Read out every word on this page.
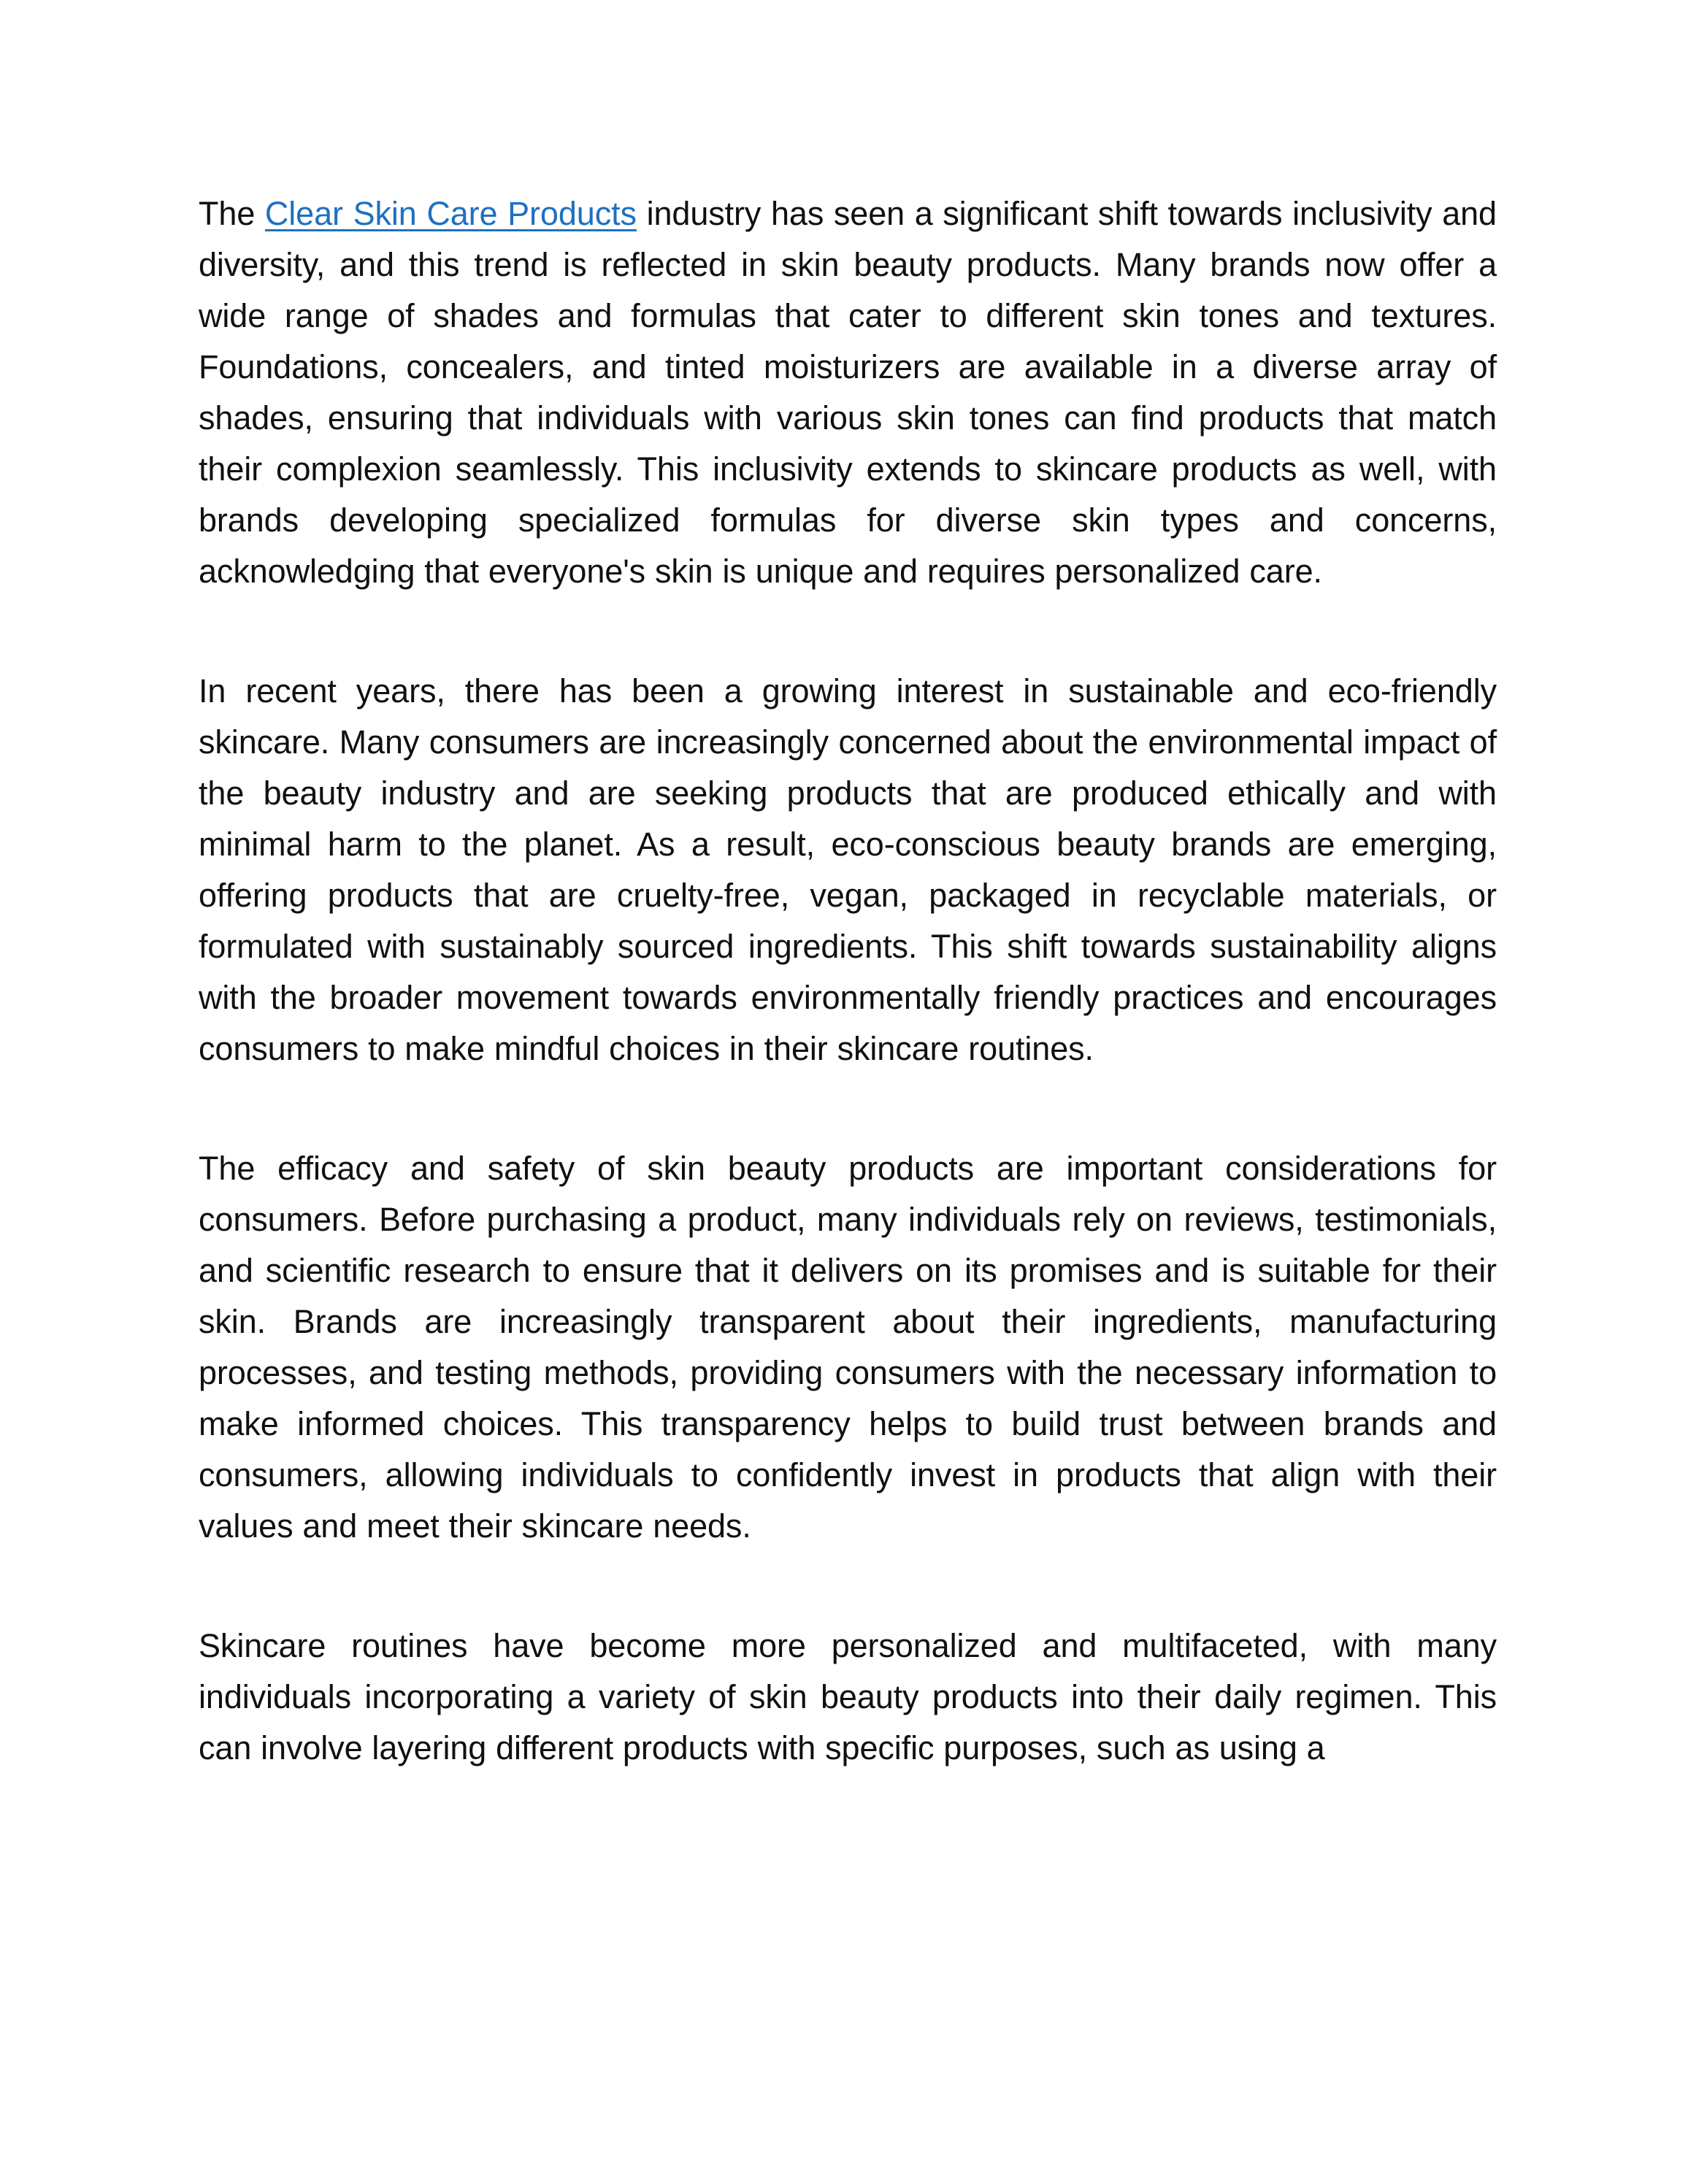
The Clear Skin Care Products industry has seen a significant shift towards inclusivity and diversity, and this trend is reflected in skin beauty products. Many brands now offer a wide range of shades and formulas that cater to different skin tones and textures. Foundations, concealers, and tinted moisturizers are available in a diverse array of shades, ensuring that individuals with various skin tones can find products that match their complexion seamlessly. This inclusivity extends to skincare products as well, with brands developing specialized formulas for diverse skin types and concerns, acknowledging that everyone's skin is unique and requires personalized care.

In recent years, there has been a growing interest in sustainable and eco-friendly skincare. Many consumers are increasingly concerned about the environmental impact of the beauty industry and are seeking products that are produced ethically and with minimal harm to the planet. As a result, eco-conscious beauty brands are emerging, offering products that are cruelty-free, vegan, packaged in recyclable materials, or formulated with sustainably sourced ingredients. This shift towards sustainability aligns with the broader movement towards environmentally friendly practices and encourages consumers to make mindful choices in their skincare routines.

The efficacy and safety of skin beauty products are important considerations for consumers. Before purchasing a product, many individuals rely on reviews, testimonials, and scientific research to ensure that it delivers on its promises and is suitable for their skin. Brands are increasingly transparent about their ingredients, manufacturing processes, and testing methods, providing consumers with the necessary information to make informed choices. This transparency helps to build trust between brands and consumers, allowing individuals to confidently invest in products that align with their values and meet their skincare needs.

Skincare routines have become more personalized and multifaceted, with many individuals incorporating a variety of skin beauty products into their daily regimen. This can involve layering different products with specific purposes, such as using a
